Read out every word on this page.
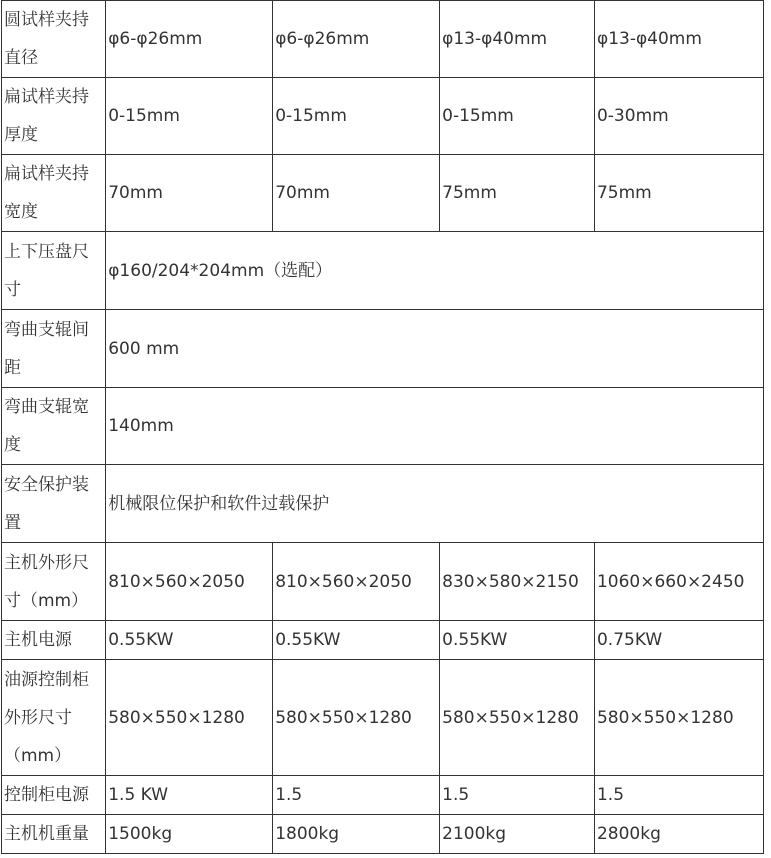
圆试样夹持直径	φ6-φ26mm	φ6-φ26mm	φ13-φ40mm	φ13-φ40mm
扁试样夹持厚度	0-15mm	0-15mm	0-15mm	0-30mm
扁试样夹持宽度	70mm	70mm	75mm	75mm
上下压盘尺寸	φ160/204*204mm（选配）			
弯曲支辊间距	600 mm			
弯曲支辊宽度	140mm			
安全保护装置	机械限位保护和软件过载保护			
主机外形尺寸（mm）	810×560×2050	810×560×2050	830×580×2150	1060×660×2450
主机电源	0.55KW	0.55KW	0.55KW	0.75KW
油源控制柜外形尺寸（mm）	580×550×1280	580×550×1280	580×550×1280	580×550×1280
控制柜电源	1.5 KW	1.5	1.5	1.5
主机机重量	1500kg	1800kg	2100kg	2800kg
